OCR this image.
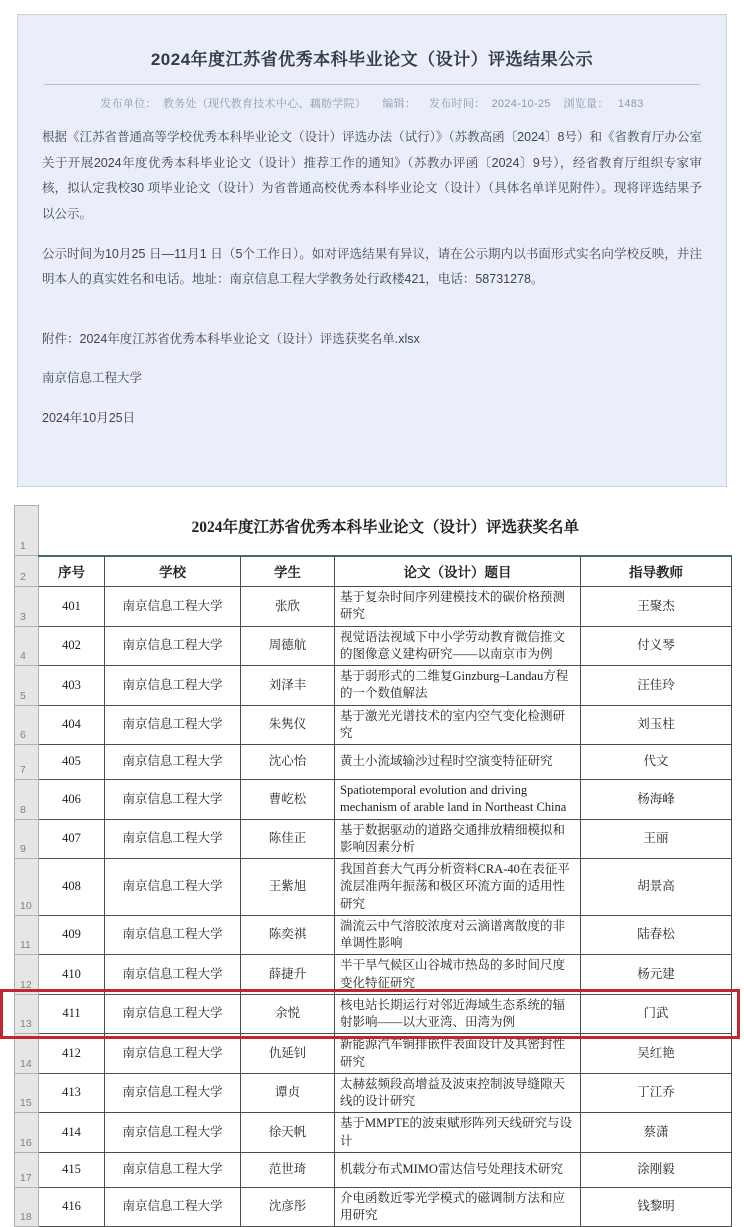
2024年度江苏省优秀本科毕业论文（设计）评选结果公示
发布单位： 教务处（现代教育技术中心、藕舫学院） 编辑： 发布时间： 2024-10-25 浏览量： 1483

根据《江苏省普通高等学校优秀本科毕业论文（设计）评选办法（试行）》（苏教高函〔2024〕8号）和《省教育厅办公室关于开展2024年度优秀本科毕业论文（设计）推荐工作的通知》（苏教办评函〔2024〕9号），经省教育厅组织专家审核，拟认定我校30 项毕业论文（设计）为省普通高校优秀本科毕业论文（设计）（具体名单详见附件）。现将评选结果予以公示。

公示时间为10月25 日—11月1 日（5个工作日）。如对评选结果有异议，请在公示期内以书面形式实名向学校反映，并注明本人的真实姓名和电话。地址：南京信息工程大学教务处行政楼421，电话：58731278。

附件：2024年度江苏省优秀本科毕业论文（设计）评选获奖名单.xlsx

南京信息工程大学

2024年10月25日

1	2024年度江苏省优秀本科毕业论文（设计）评选获奖名单				
2	序号	学校	学生	论文（设计）题目	指导教师
3	401	南京信息工程大学	张欣	基于复杂时间序列建模技术的碳价格预测研究	王聚杰
4	402	南京信息工程大学	周德航	视觉语法视域下中小学劳动教育微信推文的图像意义建构研究——以南京市为例	付义琴
5	403	南京信息工程大学	刘泽丰	基于弱形式的二维复Ginzburg–Landau方程的一个数值解法	汪佳玲
6	404	南京信息工程大学	朱隽仪	基于激光光谱技术的室内空气变化检测研究	刘玉柱
7	405	南京信息工程大学	沈心怡	黄土小流域输沙过程时空演变特征研究	代文
8	406	南京信息工程大学	曹屹松	Spatiotemporal evolution and driving mechanism of arable land in Northeast China	杨海峰
9	407	南京信息工程大学	陈佳正	基于数据驱动的道路交通排放精细模拟和影响因素分析	王丽
10	408	南京信息工程大学	王紫旭	我国首套大气再分析资料CRA-40在表征平流层准两年振荡和极区环流方面的适用性研究	胡景高
11	409	南京信息工程大学	陈奕祺	湍流云中气溶胶浓度对云滴谱离散度的非单调性影响	陆春松
12	410	南京信息工程大学	薛捷升	半干旱气候区山谷城市热岛的多时间尺度变化特征研究	杨元建
13	411	南京信息工程大学	余悦	核电站长期运行对邻近海域生态系统的辐射影响——以大亚湾、田湾为例	门武
14	412	南京信息工程大学	仇延钊	新能源汽车铜排嵌件表面设计及其密封性研究	吴红艳
15	413	南京信息工程大学	谭贞	太赫兹频段高增益及波束控制波导缝隙天线的设计研究	丁江乔
16	414	南京信息工程大学	徐天帆	基于MMPTE的波束赋形阵列天线研究与设计	蔡潇
17	415	南京信息工程大学	范世琦	机载分布式MIMO雷达信号处理技术研究	涂刚毅
18	416	南京信息工程大学	沈彦彤	介电函数近零光学模式的磁调制方法和应用研究	钱黎明
